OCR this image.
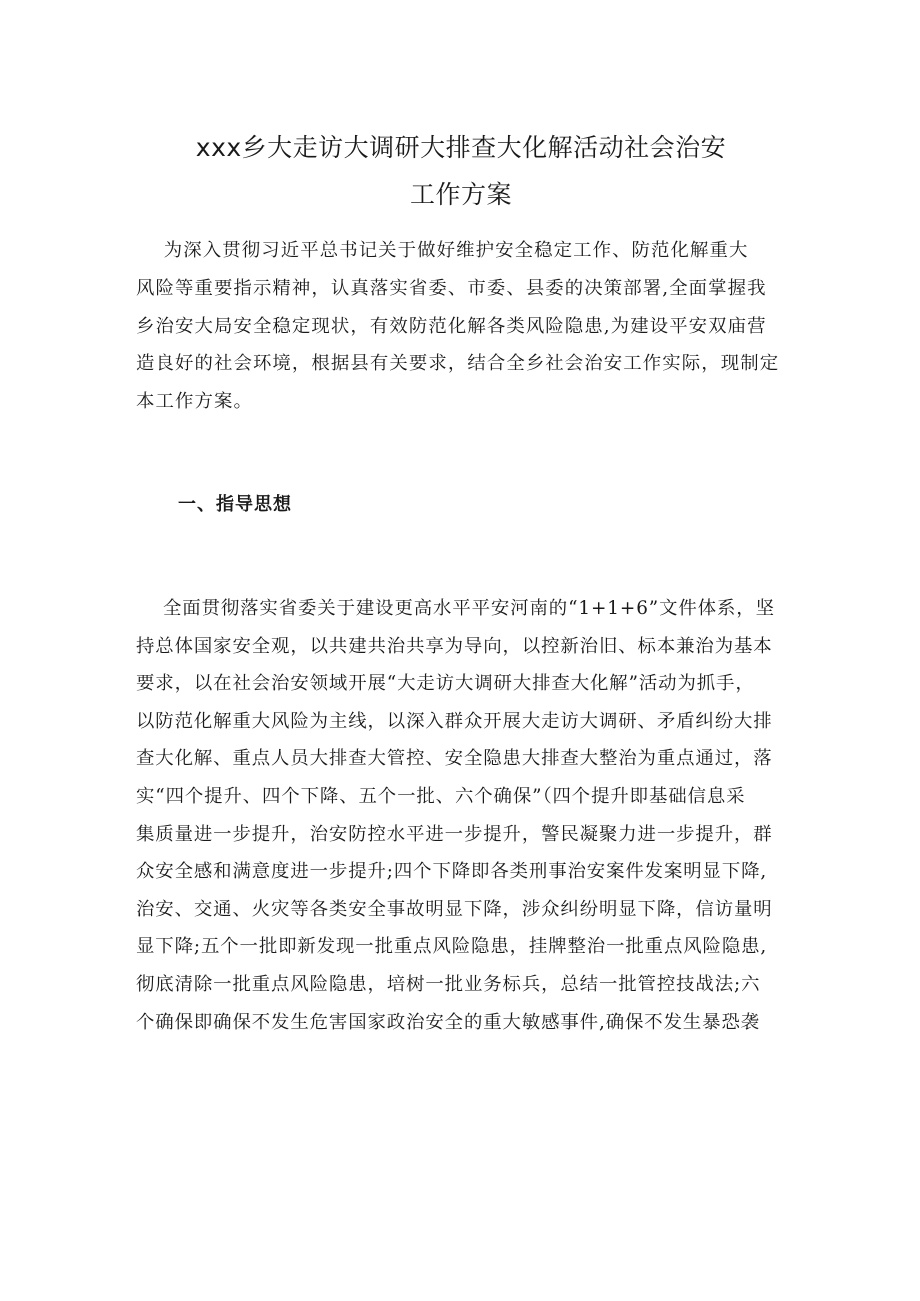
xxx乡大走访大调研大排查大化解活动社会治安
工作方案

为深入贯彻习近平总书记关于做好维护安全稳定工作、防范化解重大

风险等重要指示精神，认真落实省委、市委、县委的决策部署,全面掌握我

乡治安大局安全稳定现状，有效防范化解各类风险隐患,为建设平安双庙营

造良好的社会环境，根据县有关要求，结合全乡社会治安工作实际，现制定

本工作方案。

一、指导思想

全面贯彻落实省委关于建设更高水平平安河南的“1+1+6”文件体系，坚

持总体国家安全观，以共建共治共享为导向，以控新治旧、标本兼治为基本

要求，以在社会治安领域开展“大走访大调研大排查大化解”活动为抓手，

以防范化解重大风险为主线，以深入群众开展大走访大调研、矛盾纠纷大排

查大化解、重点人员大排查大管控、安全隐患大排查大整治为重点通过，落

实“四个提升、四个下降、五个一批、六个确保”（四个提升即基础信息采

集质量进一步提升，治安防控水平进一步提升，警民凝聚力进一步提升，群

众安全感和满意度进一步提升;四个下降即各类刑事治安案件发案明显下降,

治安、交通、火灾等各类安全事故明显下降，涉众纠纷明显下降，信访量明

显下降;五个一批即新发现一批重点风险隐患，挂牌整治一批重点风险隐患,

彻底清除一批重点风险隐患，培树一批业务标兵，总结一批管控技战法;六

个确保即确保不发生危害国家政治安全的重大敏感事件,确保不发生暴恐袭
